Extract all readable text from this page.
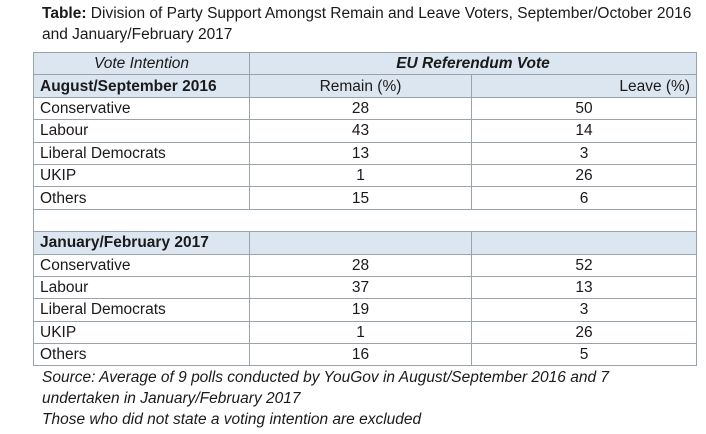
Table: Division of Party Support Amongst Remain and Leave Voters, September/October 2016 and January/February 2017
Vote Intention	EU Referendum Vote	
August/September 2016	Remain (%)	Leave (%)
Conservative	28	50
Labour	43	14
Liberal Democrats	13	3
UKIP	1	26
Others	15	6

January/February 2017		
Conservative	28	52
Labour	37	13
Liberal Democrats	19	3
UKIP	1	26
Others	16	5
Source: Average of 9 polls conducted by YouGov in August/September 2016 and 7
undertaken in January/February 2017
Those who did not state a voting intention are excluded
